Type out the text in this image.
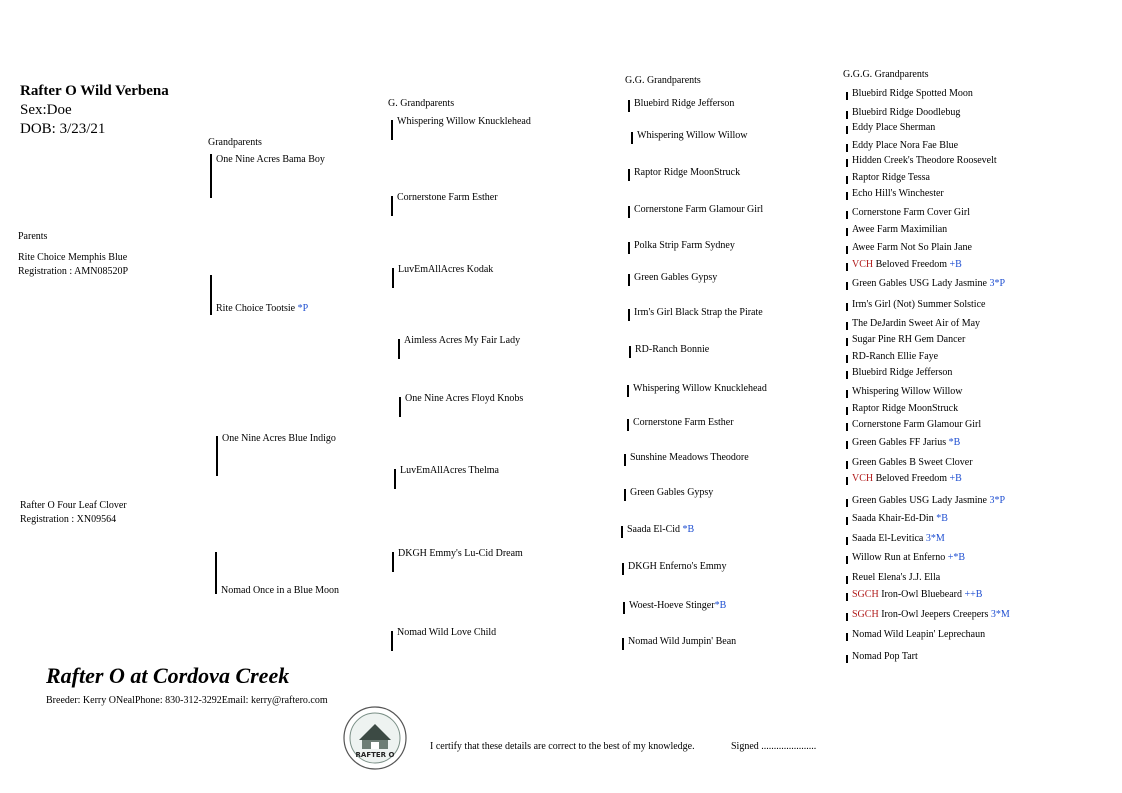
Rafter O Wild Verbena
Sex:Doe
DOB: 3/23/21
Parents
Grandparents
G. Grandparents
G.G. Grandparents
G.G.G. Grandparents
Rite Choice Memphis Blue
Registration : AMN08520P
Rafter O Four Leaf Clover
Registration : XN09564
One Nine Acres Bama Boy
Rite Choice Tootsie *P
One Nine Acres Blue Indigo
Nomad Once in a Blue Moon
Whispering Willow Knucklehead
Cornerstone Farm Esther
LuvEmAllAcres Kodak
Aimless Acres My Fair Lady
One Nine Acres Floyd Knobs
LuvEmAllAcres Thelma
DKGH Emmy's Lu-Cid Dream
Nomad Wild Love Child
Bluebird Ridge Jefferson
Whispering Willow Willow
Raptor Ridge MoonStruck
Cornerstone Farm Glamour Girl
Polka Strip Farm Sydney
Green Gables Gypsy
Irm's Girl Black Strap the Pirate
RD-Ranch Bonnie
Whispering Willow Knucklehead
Cornerstone Farm Esther
Sunshine Meadows Theodore
Green Gables Gypsy
Saada El-Cid *B
DKGH Enferno's Emmy
Woest-Hoeve Stinger*B
Nomad Wild Jumpin' Bean
Bluebird Ridge Spotted Moon
Bluebird Ridge Doodlebug
Eddy Place Sherman
Eddy Place Nora Fae Blue
Hidden Creek's Theodore Roosevelt
Raptor Ridge Tessa
Echo Hill's Winchester
Cornerstone Farm Cover Girl
Awee Farm Maximilian
Awee Farm Not So Plain Jane
VCH Beloved Freedom +B
Green Gables USG Lady Jasmine 3*P
Irm's Girl (Not) Summer Solstice
The DeJardin Sweet Air of May
Sugar Pine RH Gem Dancer
RD-Ranch Ellie Faye
Bluebird Ridge Jefferson
Whispering Willow Willow
Raptor Ridge MoonStruck
Cornerstone Farm Glamour Girl
Green Gables FF Jarius *B
Green Gables B Sweet Clover
VCH Beloved Freedom +B
Green Gables USG Lady Jasmine 3*P
Saada Khair-Ed-Din *B
Saada El-Levitica 3*M
Willow Run at Enferno +*B
Reuel Elena's J.J. Ella
SGCH Iron-Owl Bluebeard ++B
SGCH Iron-Owl Jeepers Creepers 3*M
Nomad Wild Leapin' Leprechaun
Nomad Pop Tart
Rafter O at Cordova Creek
Breeder: Kerry ONealPhone: 830-312-3292Email: kerry@raftero.com
RAFTER O
I certify that these details are correct to the best of my knowledge.	Signed ......................
